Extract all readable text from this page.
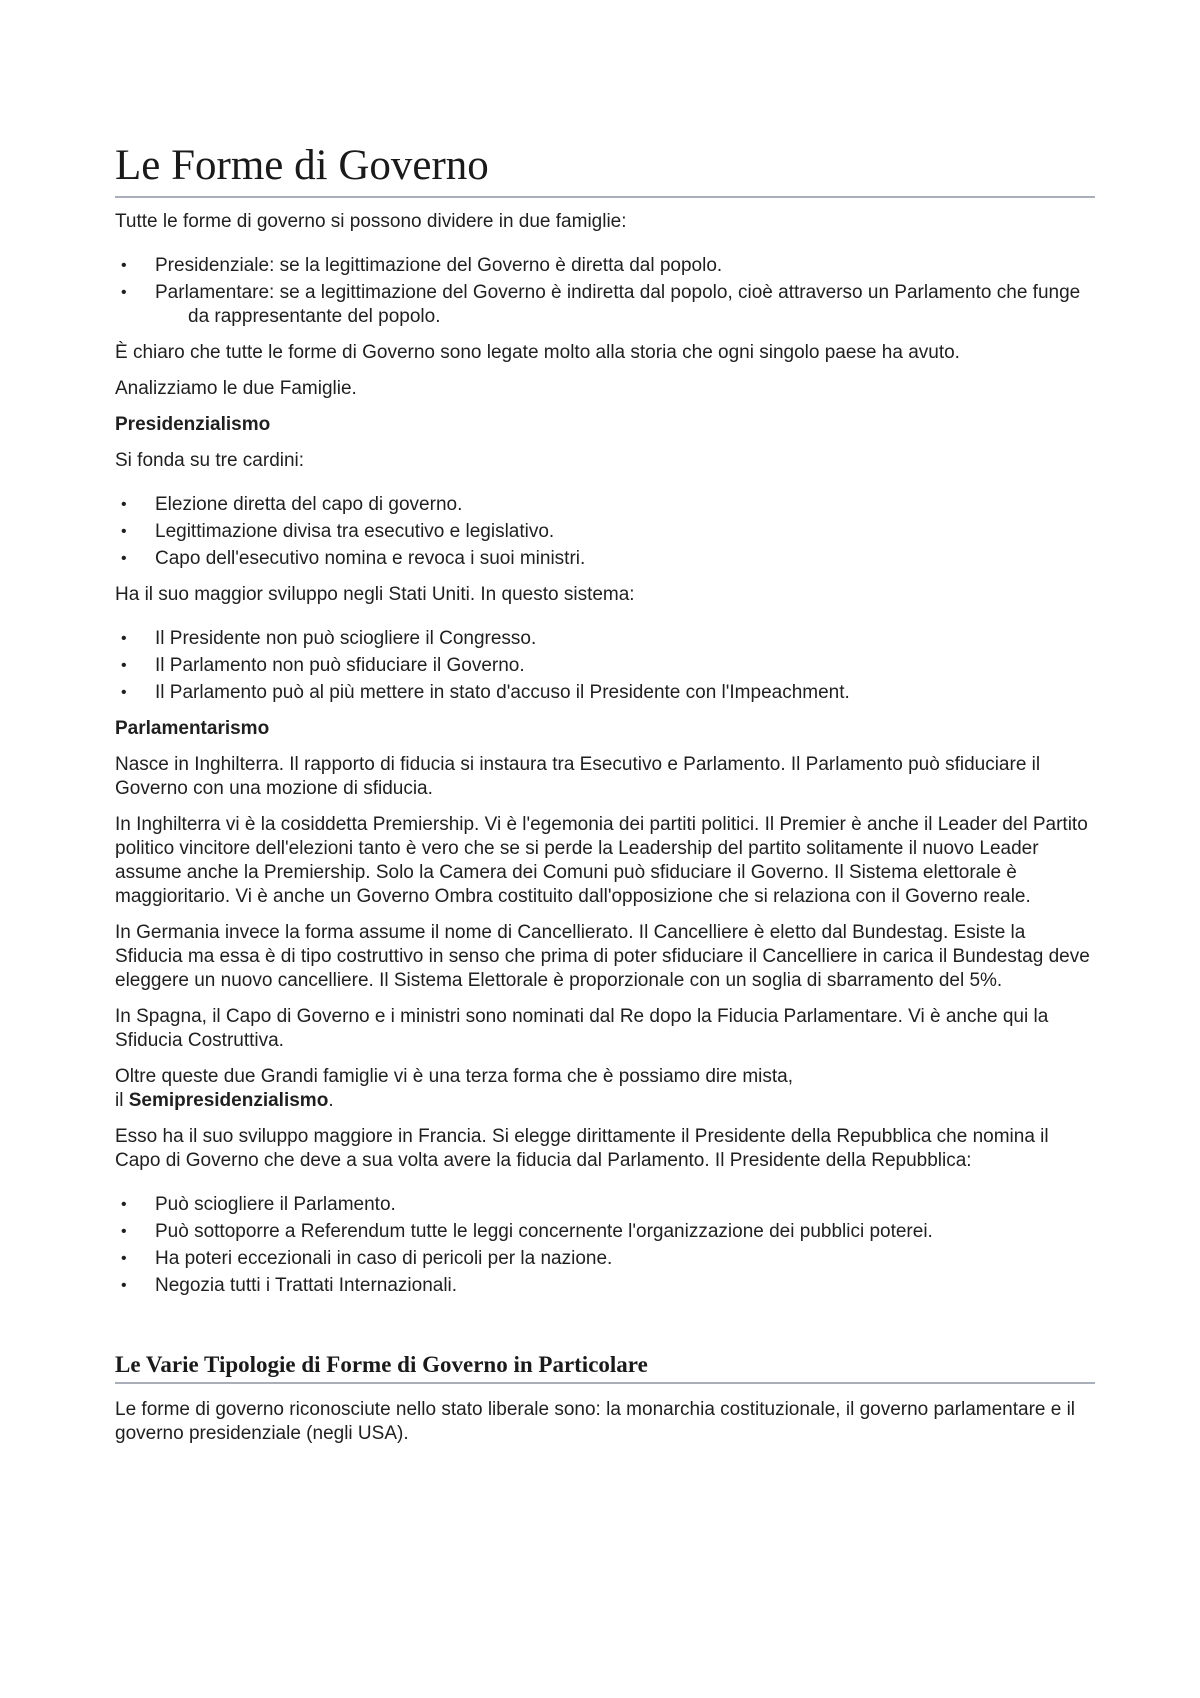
Le Forme di Governo

Tutte le forme di governo si possono dividere in due famiglie:

• Presidenziale: se la legittimazione del Governo è diretta dal popolo.
• Parlamentare: se a legittimazione del Governo è indiretta dal popolo, cioè attraverso un Parlamento che funge da rappresentante del popolo.

È chiaro che tutte le forme di Governo sono legate molto alla storia che ogni singolo paese ha avuto.

Analizziamo le due Famiglie.

Presidenzialismo

Si fonda su tre cardini:

• Elezione diretta del capo di governo.
• Legittimazione divisa tra esecutivo e legislativo.
• Capo dell'esecutivo nomina e revoca i suoi ministri.

Ha il suo maggior sviluppo negli Stati Uniti. In questo sistema:

• Il Presidente non può sciogliere il Congresso.
• Il Parlamento non può sfiduciare il Governo.
• Il Parlamento può al più mettere in stato d'accuso il Presidente con l'Impeachment.
Parlamentarismo

Nasce in Inghilterra. Il rapporto di fiducia si instaura tra Esecutivo e Parlamento. Il Parlamento può sfiduciare il Governo con una mozione di sfiducia.

In Inghilterra vi è la cosiddetta Premiership. Vi è l'egemonia dei partiti politici. Il Premier è anche il Leader del Partito politico vincitore dell'elezioni tanto è vero che se si perde la Leadership del partito solitamente il nuovo Leader assume anche la Premiership. Solo la Camera dei Comuni può sfiduciare il Governo. Il Sistema elettorale è maggioritario. Vi è anche un Governo Ombra costituito dall'opposizione che si relaziona con il Governo reale.

In Germania invece la forma assume il nome di Cancellierato. Il Cancelliere è eletto dal Bundestag. Esiste la Sfiducia ma essa è di tipo costruttivo in senso che prima di poter sfiduciare il Cancelliere in carica il Bundestag deve eleggere un nuovo cancelliere. Il Sistema Elettorale è proporzionale con un soglia di sbarramento del 5%.

In Spagna, il Capo di Governo e i ministri sono nominati dal Re dopo la Fiducia Parlamentare. Vi è anche qui la Sfiducia Costruttiva.

Oltre queste due Grandi famiglie vi è una terza forma che è possiamo dire mista,
il Semipresidenzialismo.

Esso ha il suo sviluppo maggiore in Francia. Si elegge dirittamente il Presidente della Repubblica che nomina il Capo di Governo che deve a sua volta avere la fiducia dal Parlamento. Il Presidente della Repubblica:

• Può sciogliere il Parlamento.
• Può sottoporre a Referendum tutte le leggi concernente l'organizzazione dei pubblici poterei.
• Ha poteri eccezionali in caso di pericoli per la nazione.
• Negozia tutti i Trattati Internazionali.
Le Varie Tipologie di Forme di Governo in Particolare

Le forme di governo riconosciute nello stato liberale sono: la monarchia costituzionale, il governo parlamentare e il governo presidenziale (negli USA).
